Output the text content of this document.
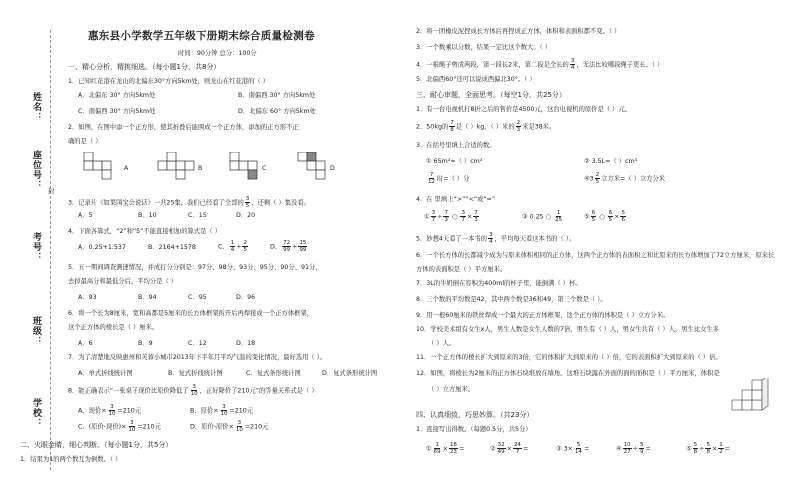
姓名：
座位号：
封
考号：
班级：
学校：
惠东县小学数学五年级下册期末综合质量检测卷
时间：90分钟 总分：100分
一、精心分析，精挑细选。（每小题1分，共8分）
1．已知红花港在龙山的北偏东30°方向5km处，则龙山在红花港的（ ）
A．北偏东 30° 方向5km处	B．南偏西 30° 方向5km处
C．南偏西 30° 方向5km处	D．北偏东 60° 方向5km处
2．如图，在图中添一个正方形，使其折叠后能围成一个正方体，添加的正方形不正
确的是（ ）
A	B	C	D
3．记录片《如果国宝会说话》一共25集，我们已经看了全部的 $\frac{3}{5}$ ，还剩（ ）集没看。
A．5	B．10	C．15	D．20
4．下面各算式，“2”和“5”不能直接相加的算式是（ ）
A．0.25+1.537	B．2164+1578	C． $\frac{1}{4} + \frac{2}{5}$	D． $\frac{72}{99} + \frac{15}{99}$
5．五一期间调查测速情况，并成打分分别是：97分、98分、93分、95分、90分、91分，
去掉最高分和最低分后，平均分是（ ）
A．93	B．94	C．95	D．96
6．将一个长为8厘米，宽和高都是5厘米的长方体框架拆开后再焊接成一个正方体框架，
这个正方体的棱长是（ ）厘米。
A．6	B．9	C．12	D．18
7．为了清楚地反映惠州和芙蓉小城市2013年下半年月平均气温的变化情况，最好选用（ ）。
A．单式折线统计图	B．复式折线统计图	C．复式条形统计图	D．复式条形统计图
8．能正确表示“一张桌子现价比原价降低了 $\frac{3}{10}$ ，正好降价了210元”的等量关系式是（ ）
A．现价× $\frac{3}{10} =210$元	B．原价× $\frac{3}{10} =210$元
C．(原价-现价)× $\frac{3}{10} =210$元	D．原价-原价× $\frac{3}{10} =210$元
二、火眼金睛，细心判断。（每小题1分，共5分）
1．结果为1的两个数互为倒数。（ ）
2．将一团橡皮泥捏成长方体后再捏成正方体，体积和表面积都不变。（ ）
3．一个数乘以分数，结果一定比这个数大。（ ）
4．一根绳子剪成两段，第一段长2米，第二段是全长的 $\frac{3}{4}$ ，无法比较哪段绳子更长。（ ）
5．北偏西60°还可以说成西偏北30°。（ ）
三、耐心审题，全面思考。（每空1分，共25分）
1．有一台电视机打8折之后的售价是4500元，这台电视机的原价是（ ）元。
2．50kg的 $\frac{7}{8}$ 是（ ）kg，（ ）米的 $\frac{2}{3}$ 米是38米。
3．在括号里填上合适的数。
① 65m³=（ ）cm³	② 3.5L=（ ）cm³
$\frac{7}{12}$ 时=（ ）分	④3 $\frac{2}{5}$ 立方米=（ ）立方分米
4．在 里填上“>”“<”或“=”
① $\frac{3}{7} \div \frac{7}{3}$ ○ $\frac{3}{7} \times \frac{7}{3}$	③ 0.25 ○ $\frac{1}{25}$	⑤ $\frac{6}{5}$ ○ $\frac{6}{5} \times \frac{5}{6}$
5．妙想4天看了一本书的 $\frac{3}{4}$ ，平均每天看这本书的（ ）。
6．一个长方体的长都减少成为与原来体积相同的正方体，这两个正方体的表面积之和比原来的长方体增加了72立方厘米，原来长
方体的表面积是（ ）平方厘米。
7．3L的牛奶倒在容积为400ml的杯子里，能倒满（ ）杯。
8．三个数的平均数是42，其中两个数是36和49，第三个数是（ ）。
9．用一根60厘米的铁丝焊成一个最大的正方体框架，这个正方体的体积是（ ）立方分米。
10．学校美术组有女生x人，男生人数是女生人数的7倍，男生有（ ）人，男女生共有（ ）人，男生比女生多
（ ）人。
11．一个正方体的棱长扩大到原来的3倍，它的体积扩大到原来的（ ）倍，它的表面积扩大到原来的（ ）倍。
12．如图，将棱长为2厘米的正方体石块堆放在墙角。这堆石块露在外面的面的面积是（ ）平方厘米，体积是
（ ）立方厘米。
四、认真细致，巧思妙算。（共23分）
1．直接写出得数。（每题0.5分，共5分）
① $\frac{1}{69} \times \frac{18}{23}$ =	② $\frac{32}{49} \times \frac{24}{7}$ =	③ $3\times \frac{5}{14}$ =	④ $\frac{10}{27} \div \frac{5}{9}$ =	⑤ $\frac{5}{8} \div \frac{5}{8} \times \frac{1}{2}$ =
